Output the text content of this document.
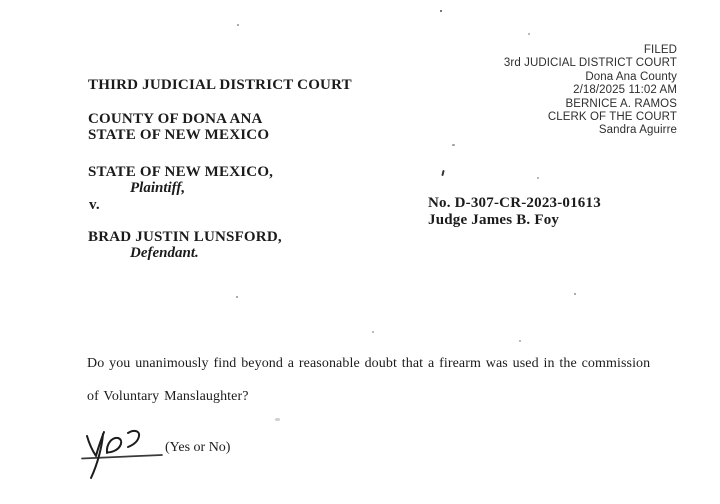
FILED
3rd JUDICIAL DISTRICT COURT
Dona Ana County
2/18/2025 11:02 AM
BERNICE A. RAMOS
CLERK OF THE COURT
Sandra Aguirre
THIRD JUDICIAL DISTRICT COURT
COUNTY OF DONA ANA
STATE OF NEW MEXICO
STATE OF NEW MEXICO,
Plaintiff,
v.
BRAD JUSTIN LUNSFORD,
Defendant.
No. D-307-CR-2023-01613
Judge James B. Foy
Do you unanimously find beyond a reasonable doubt that a firearm was used in the commission
of Voluntary Manslaughter?
(Yes or No)
